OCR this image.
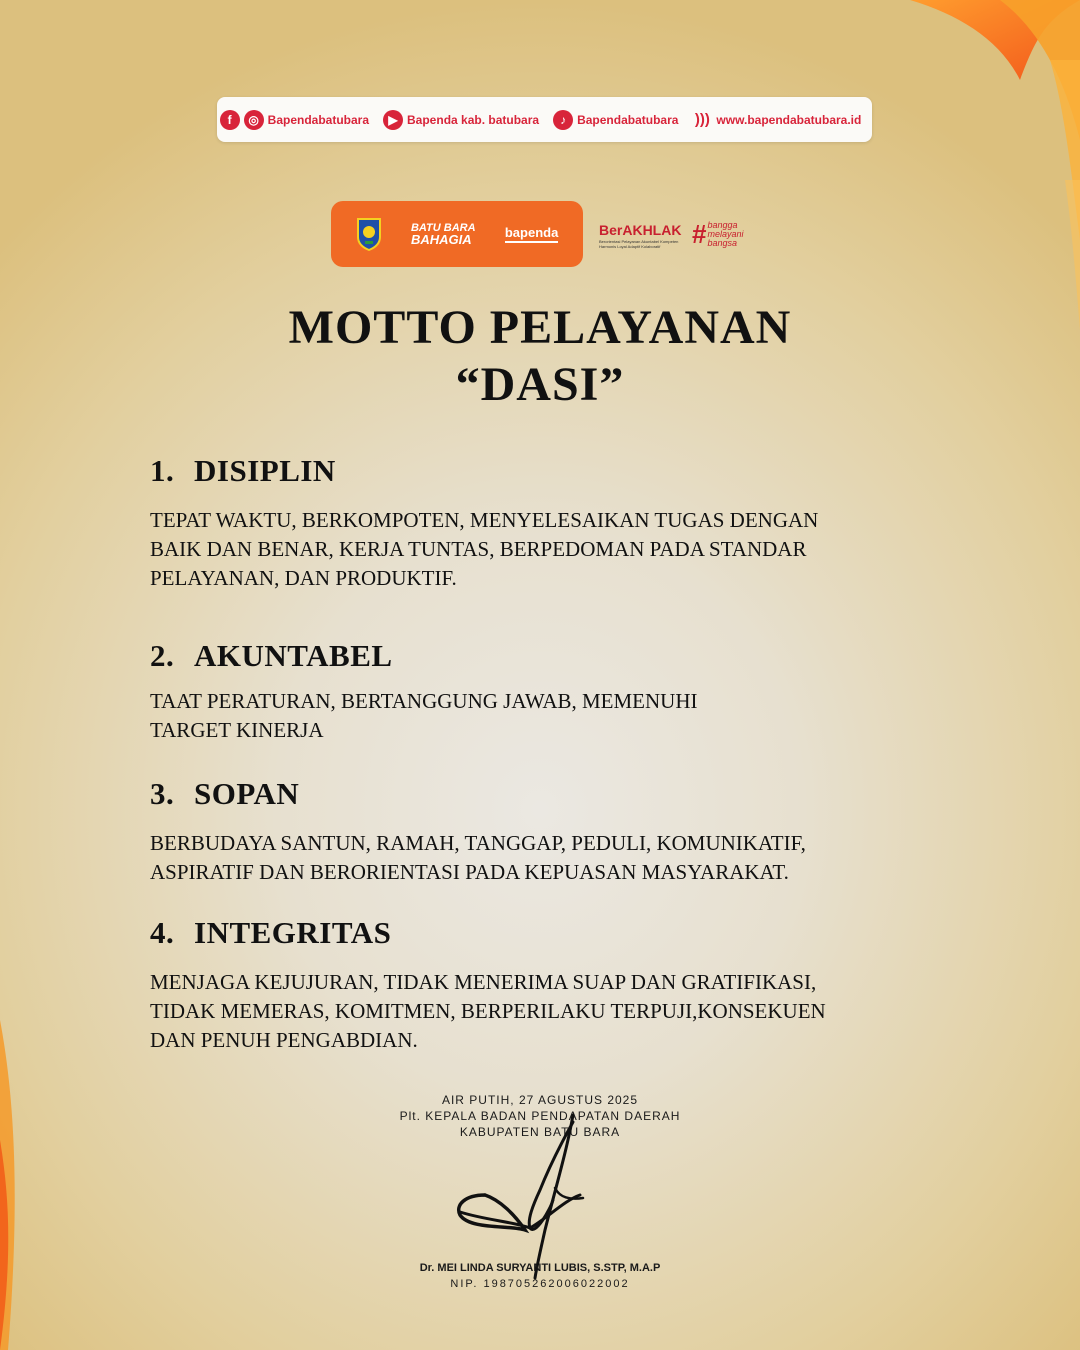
f	◎ Bapendabatubara	▶ Bapenda kab. batubara	♪ Bapendabatubara ))) www.bapendabatubara.id
BATU BARA
BAHAGIA	bapenda	BerAKHLAK
Berorientasi Pelayanan Akuntabel Kompeten Harmonis Loyal Adaptif Kolaboratif	# bangga
melayani
bangsa
MOTTO PELAYANAN
“DASI”
1. DISIPLIN
TEPAT WAKTU, BERKOMPOTEN, MENYELESAIKAN TUGAS DENGAN
BAIK DAN BENAR, KERJA TUNTAS, BERPEDOMAN PADA STANDAR
PELAYANAN, DAN PRODUKTIF.
2. AKUNTABEL
TAAT PERATURAN, BERTANGGUNG JAWAB, MEMENUHI
TARGET KINERJA
3. SOPAN
BERBUDAYA SANTUN, RAMAH, TANGGAP, PEDULI, KOMUNIKATIF,
ASPIRATIF DAN BERORIENTASI PADA KEPUASAN MASYARAKAT.
4. INTEGRITAS
MENJAGA KEJUJURAN, TIDAK MENERIMA SUAP DAN GRATIFIKASI,
TIDAK MEMERAS, KOMITMEN, BERPERILAKU TERPUJI,KONSEKUEN
DAN PENUH PENGABDIAN.
AIR PUTIH, 27 AGUSTUS 2025
Plt. KEPALA BADAN PENDAPATAN DAERAH
KABUPATEN BATU BARA
Dr. MEI LINDA SURYANTI LUBIS, S.STP, M.A.P
NIP. 198705262006022002
